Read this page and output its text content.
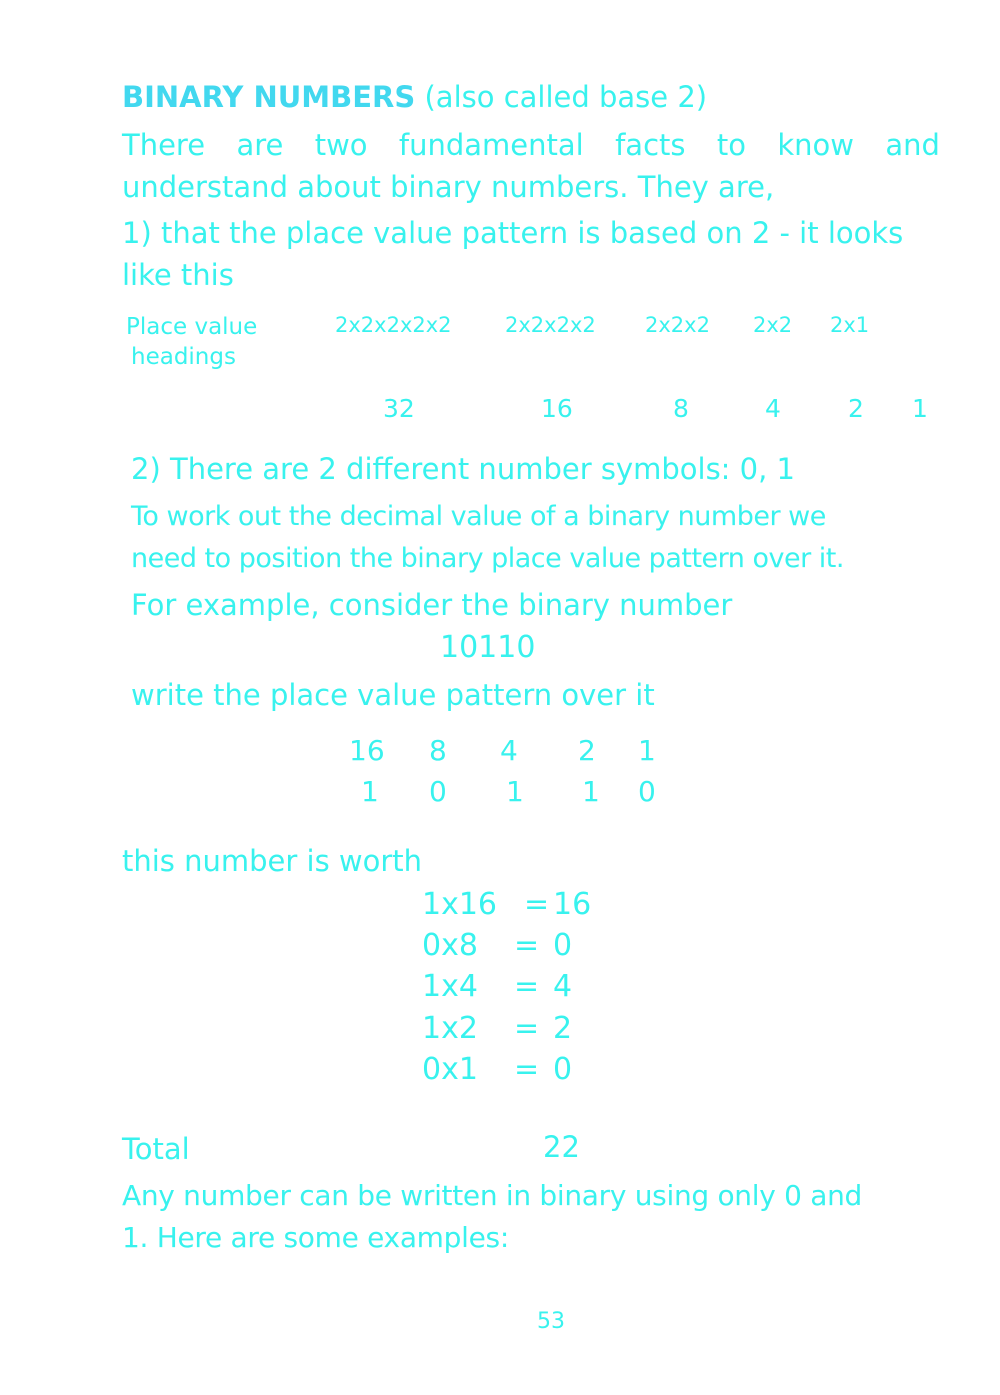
BINARY NUMBERS (also called base 2)
There are two fundamental facts to know and
understand about binary numbers. They are,
1) that the place value pattern is based on 2 - it looks
like this
Place value
headings
2x2x2x2x2	2x2x2x2 2x2x2 2x2 2x1
32	16	8	4	2 1
2) There are 2 different number symbols: 0, 1
To work out the decimal value of a binary number we
need to position the binary place value pattern over it.
For example, consider the binary number
10110
write the place value pattern over it
16 8 4 2 1
1 0 1 1 0
this number is worth
1x16 = 16
0x8 = 0
1x4 = 4
1x2 = 2
0x1 = 0
Total	22
Any number can be written in binary using only 0 and
1. Here are some examples:
53
